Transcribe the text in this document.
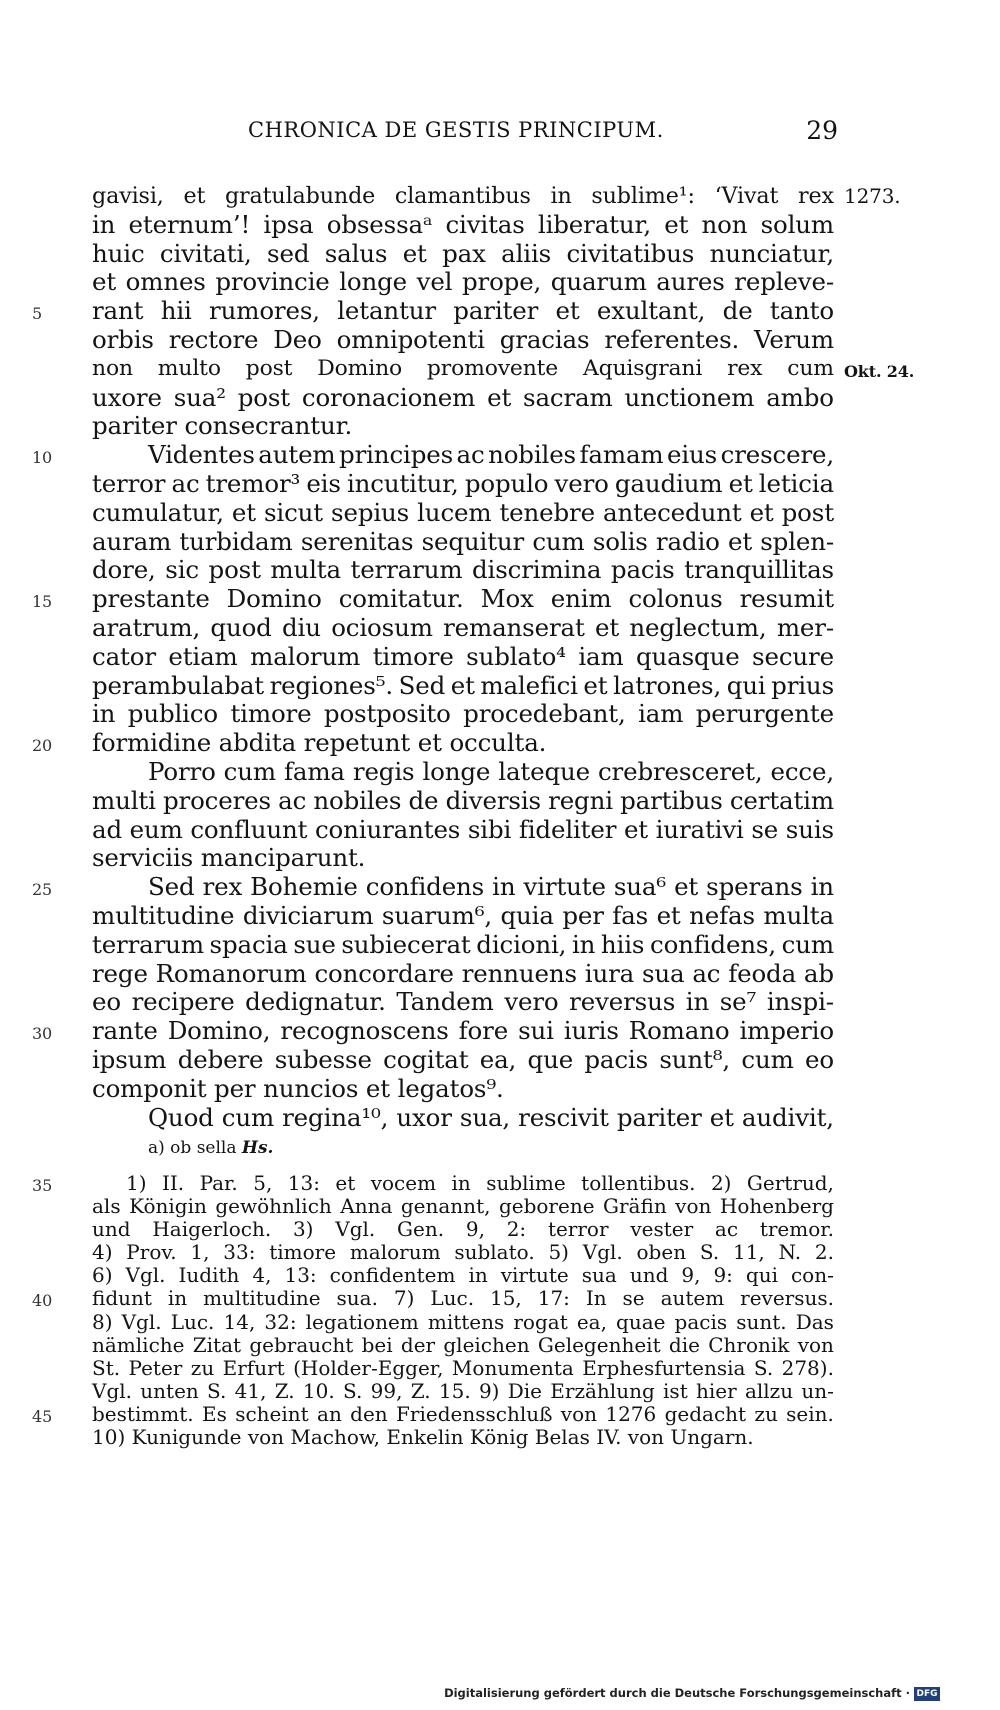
CHRONICA DE GESTIS PRINCIPUM.	29
gavisi, et gratulabunde clamantibus in sublime¹: ‘Vivat rex 1273.
in eternum’! ipsa obsessaᵃ civitas liberatur, et non solum
huic civitati, sed salus et pax aliis civitatibus nunciatur,
et omnes provincie longe vel prope, quarum aures repleve-
rant hii rumores, letantur pariter et exultant, de tanto
5
orbis rectore Deo omnipotenti gracias referentes. Verum
non multo post Domino promovente Aquisgrani rex cum Okt. 24.
uxore sua² post coronacionem et sacram unctionem ambo
pariter consecrantur.
Videntes autem principes ac nobiles famam eius crescere,
10
terror ac tremor³ eis incutitur, populo vero gaudium et leticia
cumulatur, et sicut sepius lucem tenebre antecedunt et post
auram turbidam serenitas sequitur cum solis radio et splen-
dore, sic post multa terrarum discrimina pacis tranquillitas
prestante Domino comitatur. Mox enim colonus resumit
15
aratrum, quod diu ociosum remanserat et neglectum, mer-
cator etiam malorum timore sublato⁴ iam quasque secure
perambulabat regiones⁵. Sed et malefici et latrones, qui prius
in publico timore postposito procedebant, iam perurgente
formidine abdita repetunt et occulta.
20
Porro cum fama regis longe lateque crebresceret, ecce,
multi proceres ac nobiles de diversis regni partibus certatim
ad eum confluunt coniurantes sibi fideliter et iurativi se suis
serviciis manciparunt.
Sed rex Bohemie confidens in virtute sua⁶ et sperans in
25
multitudine diviciarum suarum⁶, quia per fas et nefas multa
terrarum spacia sue subiecerat dicioni, in hiis confidens, cum
rege Romanorum concordare rennuens iura sua ac feoda ab
eo recipere dedignatur. Tandem vero reversus in se⁷ inspi-
rante Domino, recognoscens fore sui iuris Romano imperio
30
ipsum debere subesse cogitat ea, que pacis sunt⁸, cum eo
componit per nuncios et legatos⁹.
Quod cum regina¹⁰, uxor sua, rescivit pariter et audivit,
a) ob sella Hs.
1) II. Par. 5, 13: et vocem in sublime tollentibus. 2) Gertrud,
35
als Königin gewöhnlich Anna genannt, geborene Gräfin von Hohenberg
und Haigerloch. 3) Vgl. Gen. 9, 2: terror vester ac tremor.
4) Prov. 1, 33: timore malorum sublato. 5) Vgl. oben S. 11, N. 2.
6) Vgl. Iudith 4, 13: confidentem in virtute sua und 9, 9: qui con-
fidunt in multitudine sua. 7) Luc. 15, 17: In se autem reversus.
40
8) Vgl. Luc. 14, 32: legationem mittens rogat ea, quae pacis sunt. Das
nämliche Zitat gebraucht bei der gleichen Gelegenheit die Chronik von
St. Peter zu Erfurt (Holder-Egger, Monumenta Erphesfurtensia S. 278).
Vgl. unten S. 41, Z. 10. S. 99, Z. 15. 9) Die Erzählung ist hier allzu un-
bestimmt. Es scheint an den Friedensschluß von 1276 gedacht zu sein.
45
10) Kunigunde von Machow, Enkelin König Belas IV. von Ungarn.
Digitalisierung gefördert durch die Deutsche Forschungsgemeinschaft · DFG
